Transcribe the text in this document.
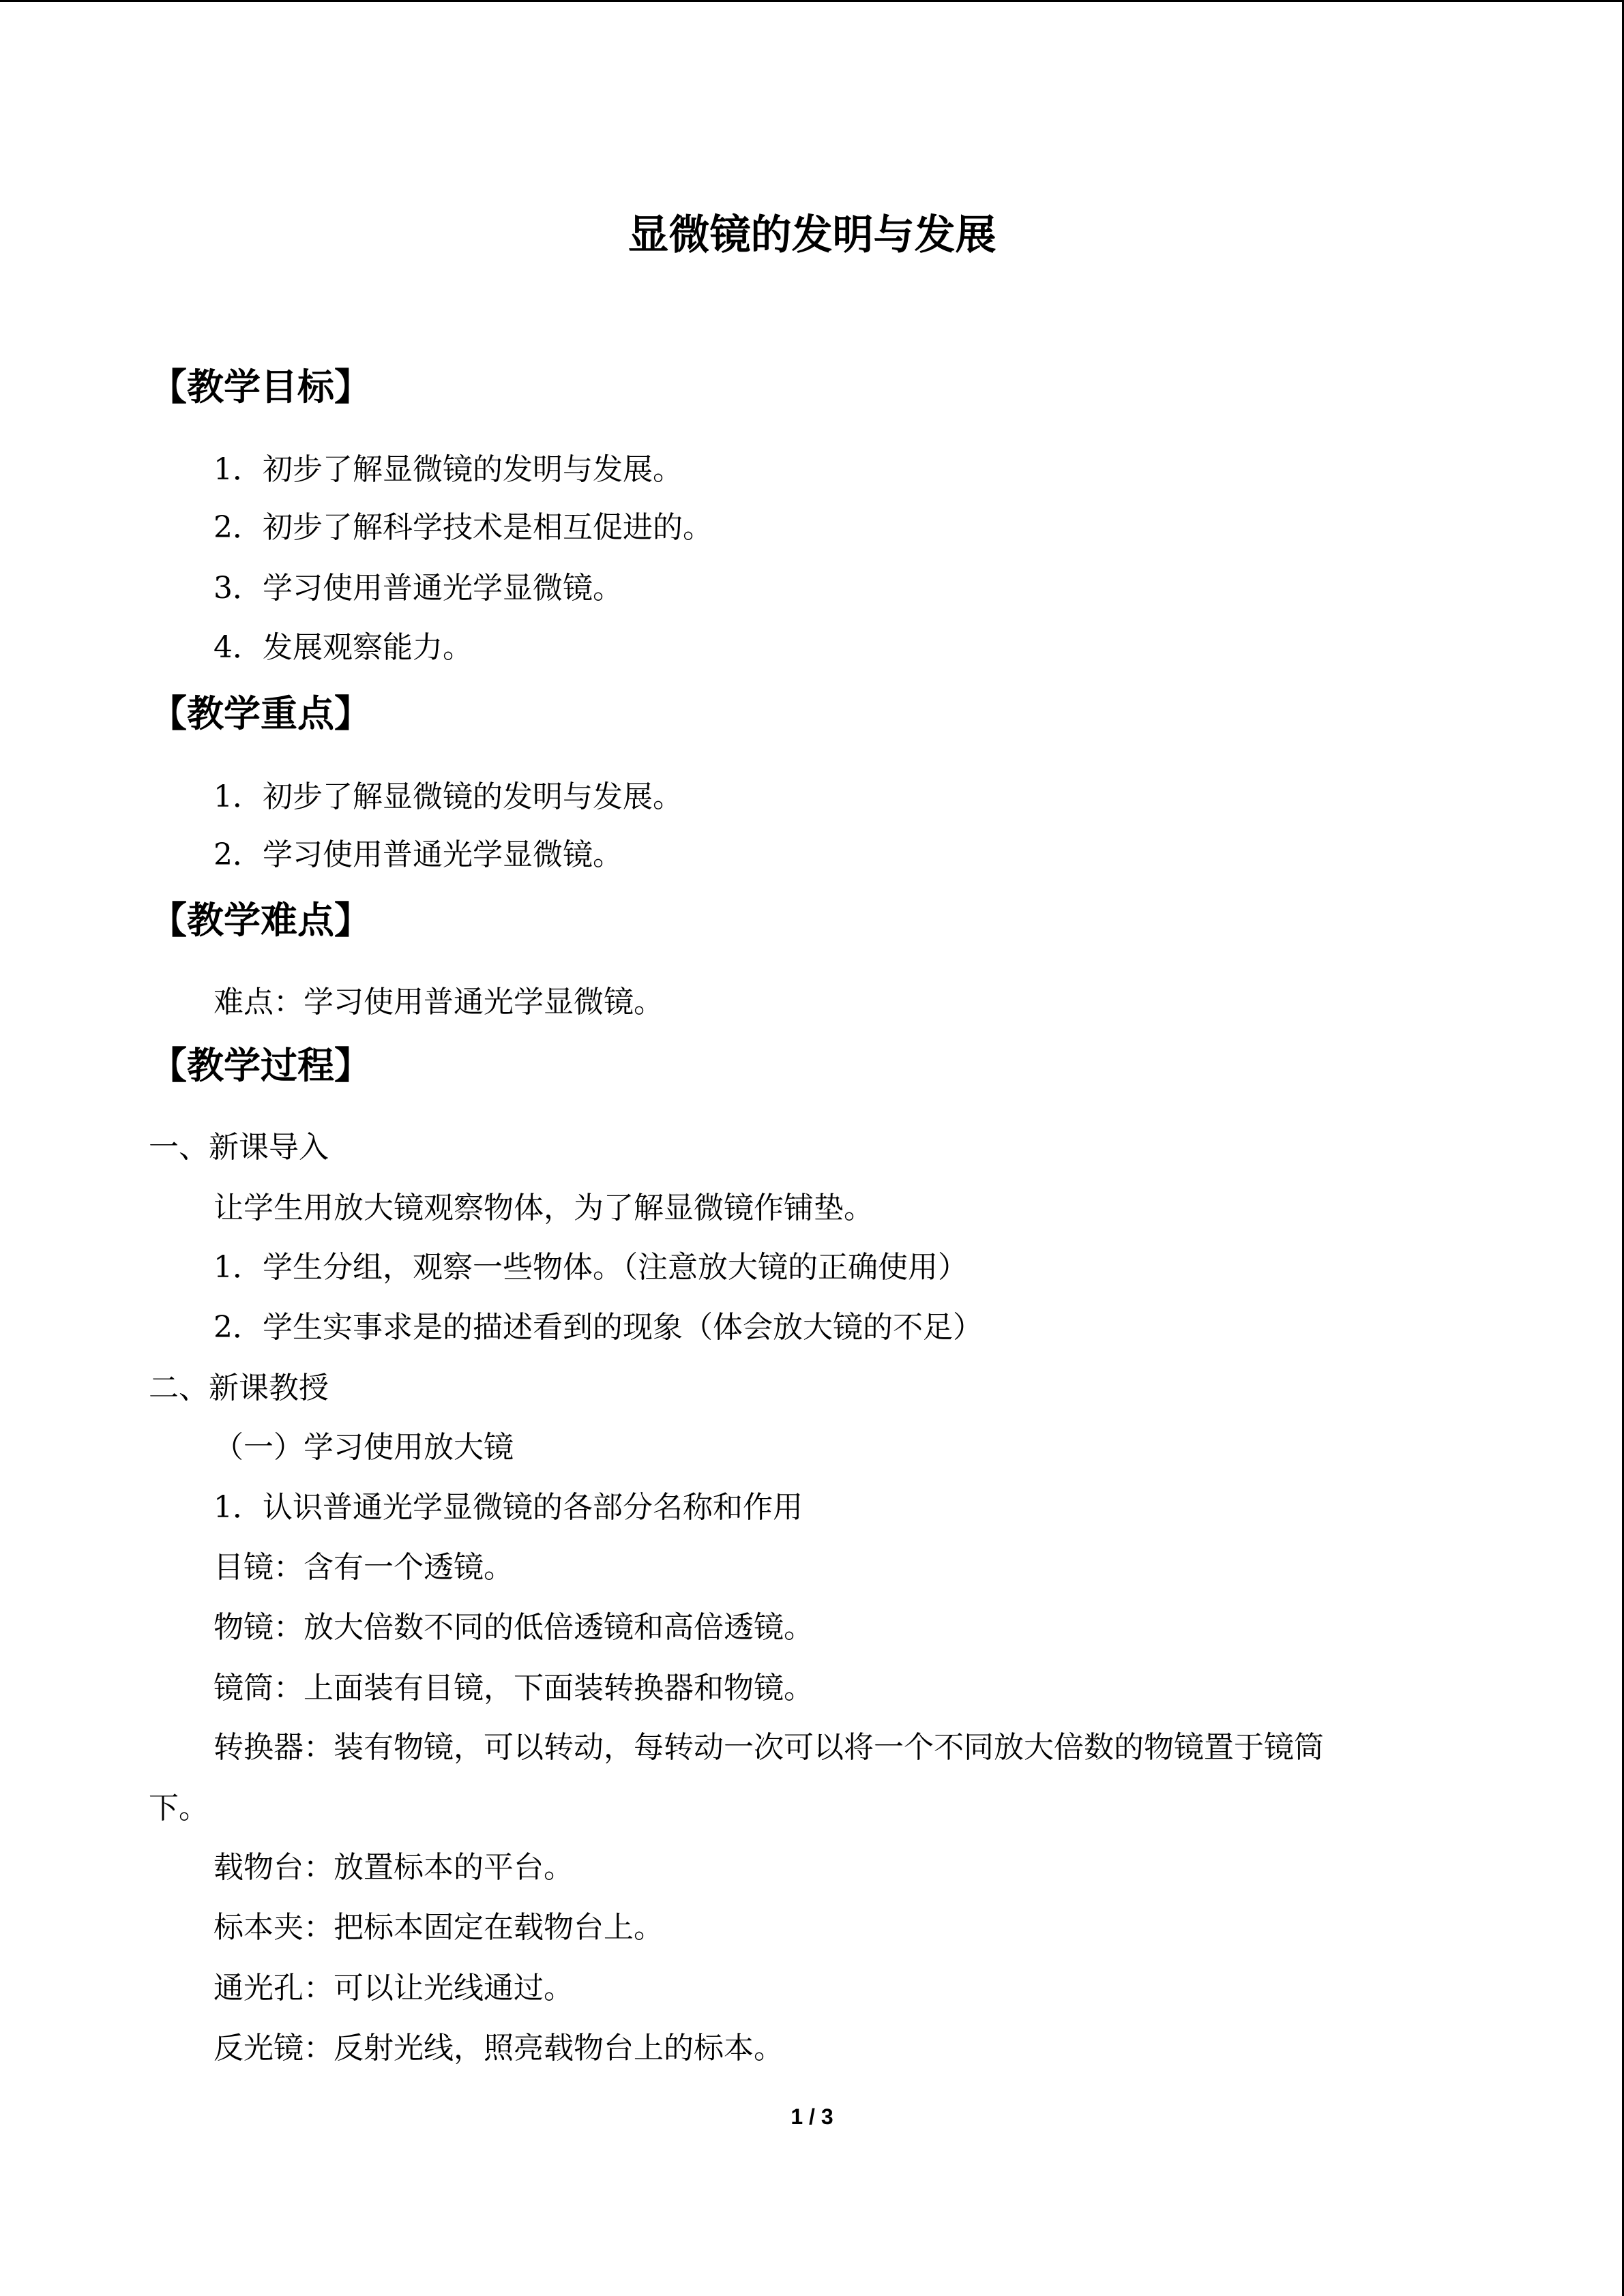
显微镜的发明与发展
【教学目标】
1．初步了解显微镜的发明与发展。
2．初步了解科学技术是相互促进的。
3．学习使用普通光学显微镜。
4．发展观察能力。
【教学重点】
1．初步了解显微镜的发明与发展。
2．学习使用普通光学显微镜。
【教学难点】
难点：学习使用普通光学显微镜。
【教学过程】
一、新课导入
让学生用放大镜观察物体，为了解显微镜作铺垫。
1．学生分组，观察一些物体。（注意放大镜的正确使用）
2．学生实事求是的描述看到的现象（体会放大镜的不足）
二、新课教授
（一）学习使用放大镜
1．认识普通光学显微镜的各部分名称和作用
目镜：含有一个透镜。
物镜：放大倍数不同的低倍透镜和高倍透镜。
镜筒：上面装有目镜，下面装转换器和物镜。
转换器：装有物镜，可以转动，每转动一次可以将一个不同放大倍数的物镜置于镜筒
下。
载物台：放置标本的平台。
标本夹：把标本固定在载物台上。
通光孔：可以让光线通过。
反光镜：反射光线，照亮载物台上的标本。
1 / 3
